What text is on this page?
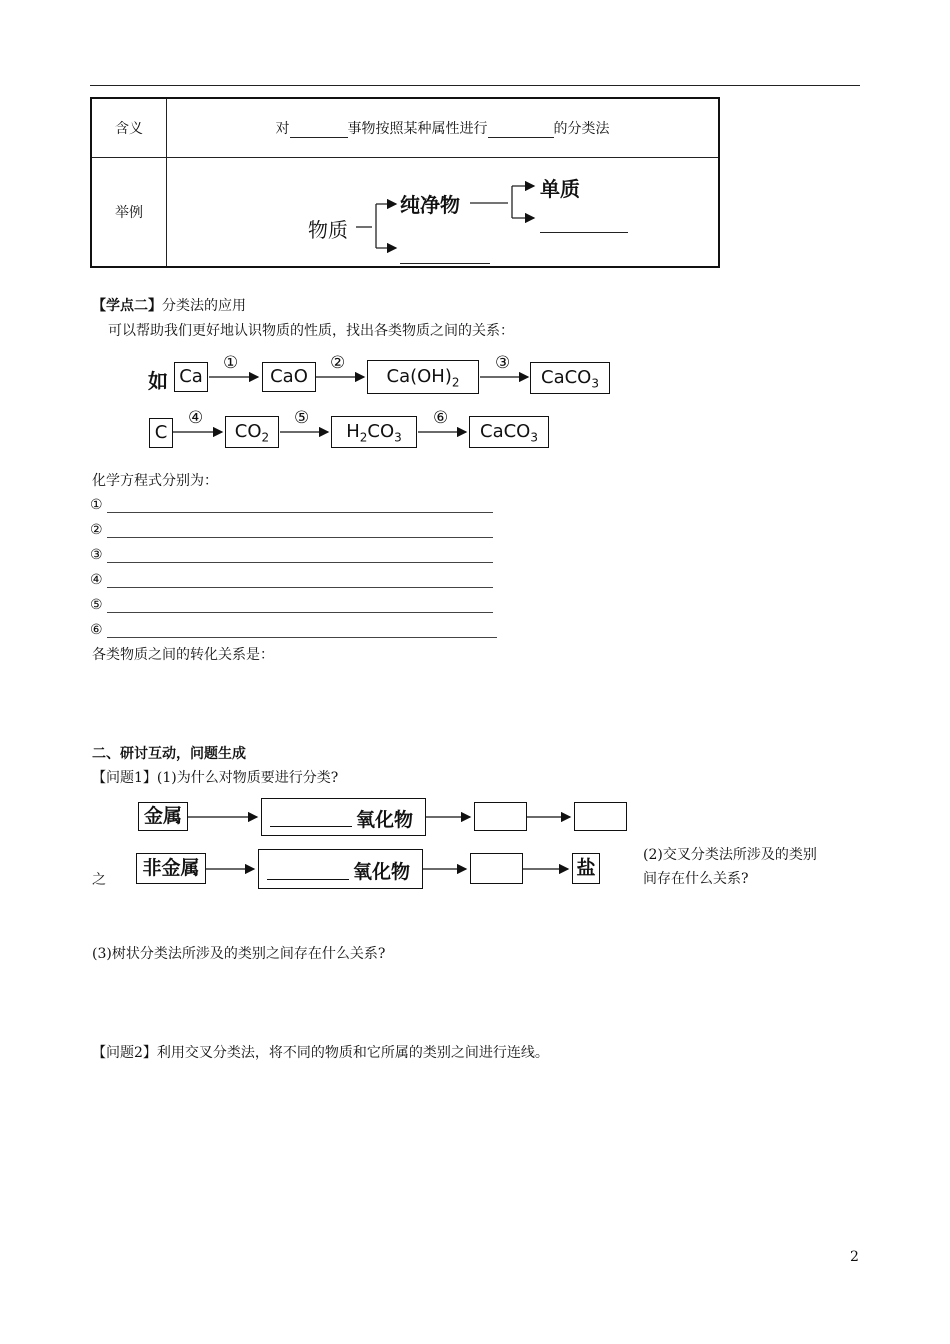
含义	对 事物按照某种属性进行 的分类法
举例	
物质
纯净物
单质
【学点二】分类法的应用
可以帮助我们更好地认识物质的性质，找出各类物质之间的关系：
如 Ca	CaO	$Ca(OH)_2$	CaCO$_3$
①	②	③
C	$CO_2$	$H_2CO_3$	CaCO$_3$
④	⑤	⑥
化学方程式分别为：
①
②
③
④
⑤
⑥
各类物质之间的转化关系是：
二、研讨互动，问题生成
【问题1】(1)为什么对物质要进行分类?
金属	氧化物
非金属	氧化物	盐
之
(2)交叉分类法所涉及的类别
间存在什么关系?
(3)树状分类法所涉及的类别之间存在什么关系?
【问题2】利用交叉分类法，将不同的物质和它所属的类别之间进行连线。
2
